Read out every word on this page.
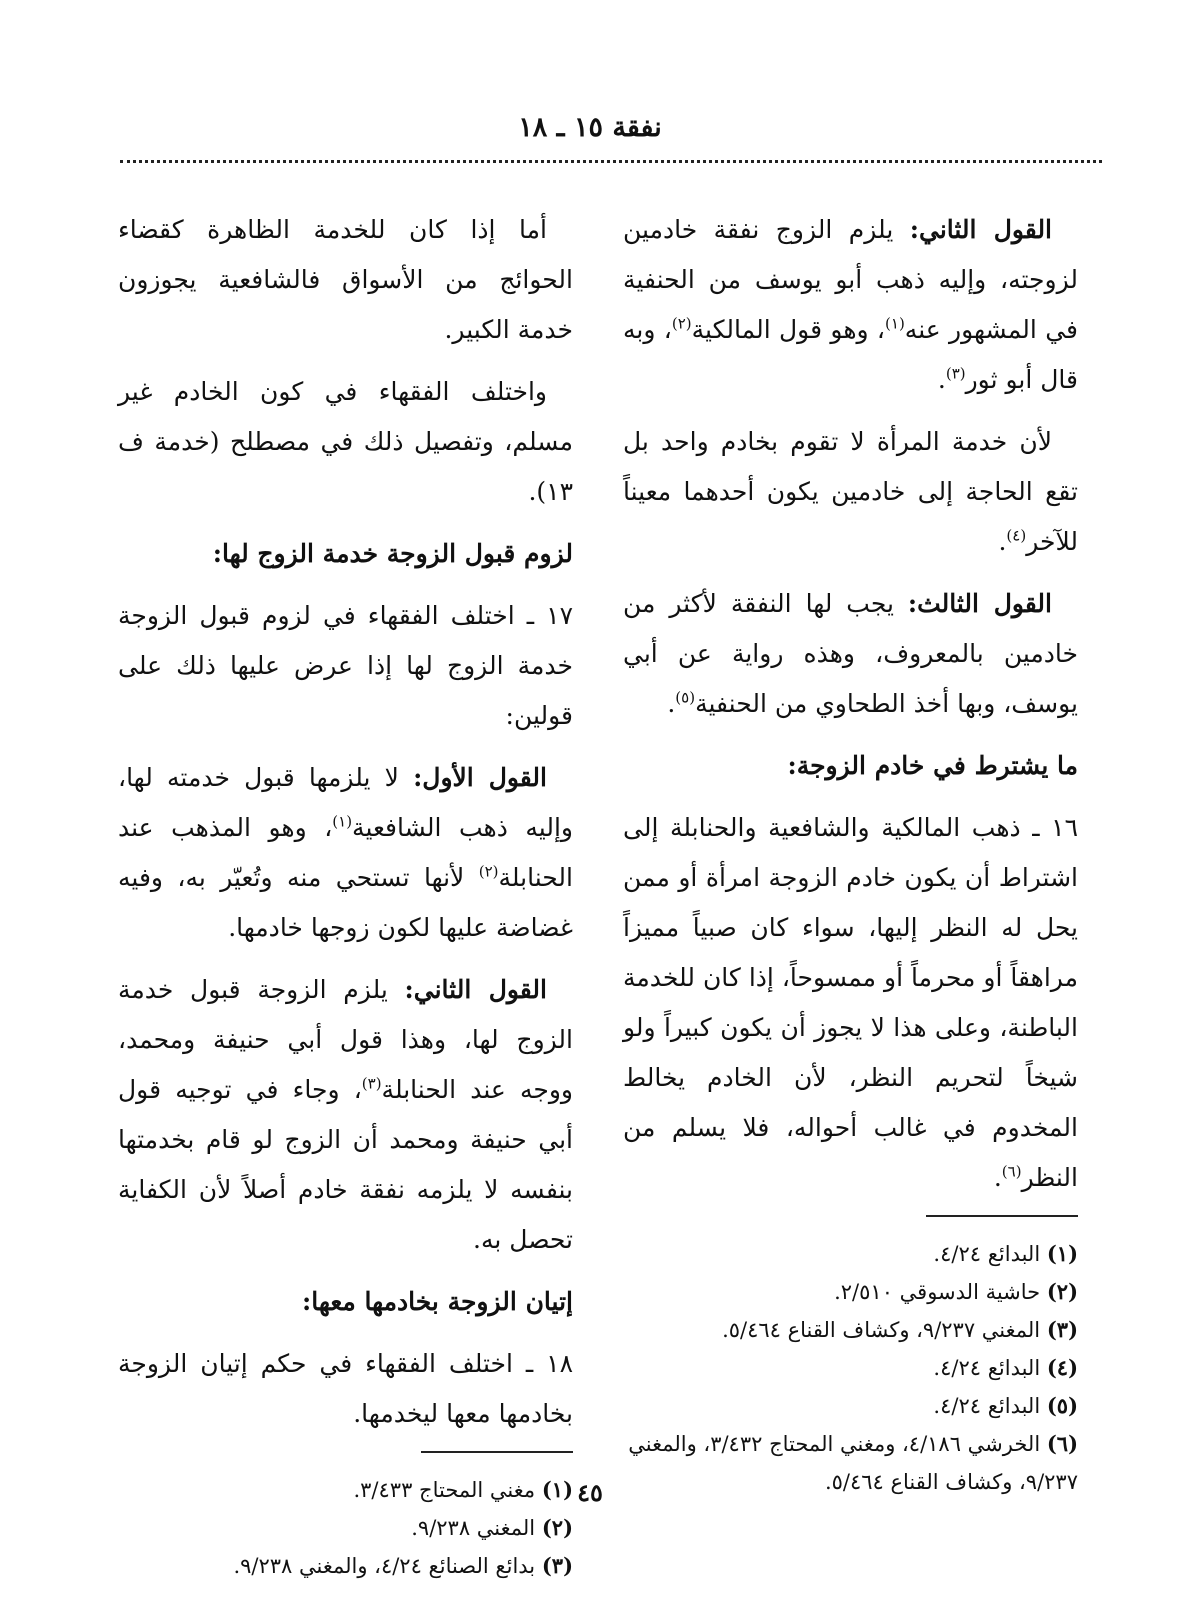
نفقة ١٥ ـ ١٨

القول الثاني: يلزم الزوج نفقة خادمين لزوجته، وإليه ذهب أبو يوسف من الحنفية في المشهور عنه$^{(١)}$، وهو قول المالكية$^{(٢)}$، وبه قال أبو ثور$^{(٣)}$.

لأن خدمة المرأة لا تقوم بخادم واحد بل تقع الحاجة إلى خادمين يكون أحدهما معيناً للآخر$^{(٤)}$.

القول الثالث: يجب لها النفقة لأكثر من خادمين بالمعروف، وهذه رواية عن أبي يوسف، وبها أخذ الطحاوي من الحنفية$^{(٥)}$.

ما يشترط في خادم الزوجة:

١٦ ـ ذهب المالكية والشافعية والحنابلة إلى اشتراط أن يكون خادم الزوجة امرأة أو ممن يحل له النظر إليها، سواء كان صبياً مميزاً مراهقاً أو محرماً أو ممسوحاً، إذا كان للخدمة الباطنة، وعلى هذا لا يجوز أن يكون كبيراً ولو شيخاً لتحريم النظر، لأن الخادم يخالط المخدوم في غالب أحواله، فلا يسلم من النظر$^{(٦)}$.

(١) البدائع ٤/٢٤.
(٢) حاشية الدسوقي ٢/٥١٠.
(٣) المغني ٩/٢٣٧، وكشاف القناع ٥/٤٦٤.
(٤) البدائع ٤/٢٤.
(٥) البدائع ٤/٢٤.
(٦) الخرشي ٤/١٨٦، ومغني المحتاج ٣/٤٣٢، والمغني ٩/٢٣٧، وكشاف القناع ٥/٤٦٤.

أما إذا كان للخدمة الظاهرة كقضاء الحوائج من الأسواق فالشافعية يجوزون خدمة الكبير.

واختلف الفقهاء في كون الخادم غير مسلم، وتفصيل ذلك في مصطلح (خدمة ف ١٣).

لزوم قبول الزوجة خدمة الزوج لها:

١٧ ـ اختلف الفقهاء في لزوم قبول الزوجة خدمة الزوج لها إذا عرض عليها ذلك على قولين:

القول الأول: لا يلزمها قبول خدمته لها، وإليه ذهب الشافعية$^{(١)}$، وهو المذهب عند الحنابلة$^{(٢)}$ لأنها تستحي منه وتُعيّر به، وفيه غضاضة عليها لكون زوجها خادمها.

القول الثاني: يلزم الزوجة قبول خدمة الزوج لها، وهذا قول أبي حنيفة ومحمد، ووجه عند الحنابلة$^{(٣)}$، وجاء في توجيه قول أبي حنيفة ومحمد أن الزوج لو قام بخدمتها بنفسه لا يلزمه نفقة خادم أصلاً لأن الكفاية تحصل به.

إتيان الزوجة بخادمها معها:

١٨ ـ اختلف الفقهاء في حكم إتيان الزوجة بخادمها معها ليخدمها.

(١) مغني المحتاج ٣/٤٣٣.
(٢) المغني ٩/٢٣٨.
(٣) بدائع الصنائع ٤/٢٤، والمغني ٩/٢٣٨.
٤٥
